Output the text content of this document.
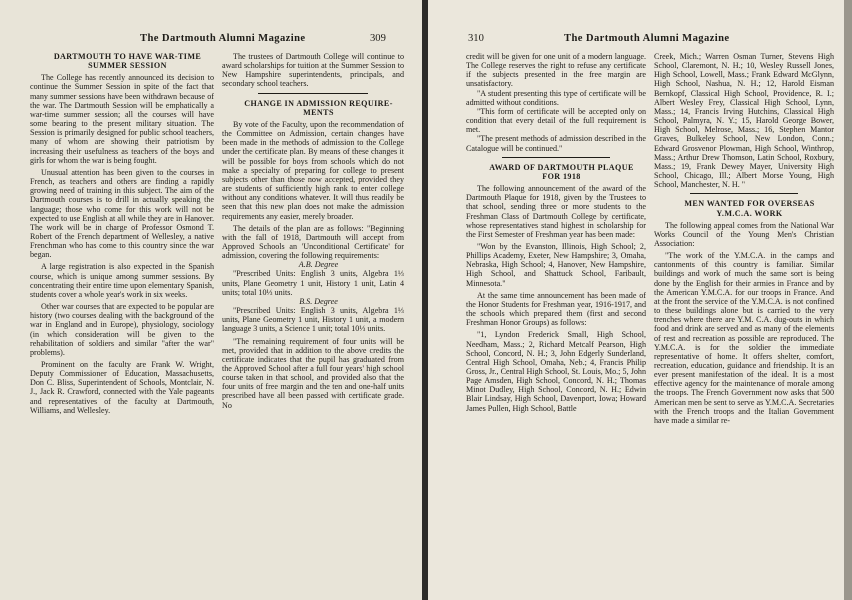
The Dartmouth Alumni Magazine	309

DARTMOUTH TO HAVE WAR-TIME

SUMMER SESSION

The College has recently announced its decision to continue the Summer Session in spite of the fact that many summer sessions have been withdrawn because of the war. The Dartmouth Session will be emphatically a war-time summer session; all the courses will have some bearing to the present military situation. The Session is primarily designed for public school teachers, many of whom are showing their patriotism by increasing their usefulness as teachers of the boys and girls for whom the war is being fought.

Unusual attention has been given to the courses in French, as teachers and others are finding a rapidly growing need of training in this subject. The aim of the Dartmouth courses is to drill in actually speaking the language; those who come for this work will not be expected to use English at all while they are in Hanover. The work will be in charge of Professor Osmond T. Robert of the French department of Wellesley, a native Frenchman who has come to this country since the war began.

A large registration is also expected in the Spanish course, which is unique among summer sessions. By concentrating their entire time upon elementary Spanish, students cover a whole year's work in six weeks.

Other war courses that are expected to be popular are history (two courses dealing with the background of the war in England and in Europe), physiology, sociology (in which consideration will be given to the rehabilitation of soldiers and similar "after the war" problems).

Prominent on the faculty are Frank W. Wright, Deputy Commissioner of Education, Massachusetts, Don C. Bliss, Superintendent of Schools, Montclair, N. J., Jack R. Crawford, connected with the Yale pageants and representatives of the faculty at Dartmouth, Williams, and Wellesley.

The trustees of Dartmouth College will continue to award scholarships for tuition at the Summer Session to New Hampshire superintendents, principals, and secondary school teachers.

CHANGE IN ADMISSION REQUIRE-

MENTS

By vote of the Faculty, upon the recommendation of the Committee on Admission, certain changes have been made in the methods of admission to the College under the certificate plan. By means of these changes it will be possible for boys from schools which do not make a specialty of preparing for college to present subjects other than those now accepted, provided they are students of sufficiently high rank to enter college without any conditions whatever. It will thus readily be seen that this new plan does not make the admission requirements any easier, merely broader.

The details of the plan are as follows: "Beginning with the fall of 1918, Dartmouth will accept from Approved Schools an 'Unconditional Certificate' for admission, covering the following requirements:

A.B. Degree

"Prescribed Units: English 3 units, Algebra 1⅓ units, Plane Geometry 1 unit, History 1 unit, Latin 4 units; total 10⅓ units.

B.S. Degree

"Prescribed Units: English 3 units, Algebra 1⅓ units, Plane Geometry 1 unit, History 1 unit, a modern language 3 units, a Science 1 unit; total 10⅓ units.

"The remaining requirement of four units will be met, provided that in addition to the above credits the certificate indicates that the pupil has graduated from the Approved School after a full four years' high school course taken in that school, and provided also that the four units of free margin and the ten and one-half units prescribed have all been passed with certificate grade. No

310	The Dartmouth Alumni Magazine

credit will be given for one unit of a modern language. The College reserves the right to refuse any certificate if the subjects presented in the free margin are unsatisfactory.

"A student presenting this type of certificate will be admitted without conditions.

"This form of certificate will be accepted only on condition that every detail of the full requirement is met.

"The present methods of admission described in the Catalogue will be continued."

AWARD OF DARTMOUTH PLAQUE

FOR 1918

The following announcement of the award of the Dartmouth Plaque for 1918, given by the Trustees to that school, sending three or more students to the Freshman Class of Dartmouth College by certificate, whose representatives stand highest in scholarship for the First Semester of Freshman year has been made:

"Won by the Evanston, Illinois, High School; 2, Phillips Academy, Exeter, New Hampshire; 3, Omaha, Nebraska, High School; 4, Hanover, New Hampshire, High School, and Shattuck School, Faribault, Minnesota."

At the same time announcement has been made of the Honor Students for Freshman year, 1916-1917, and the schools which prepared them (first and second Freshman Honor Groups) as follows:

"1, Lyndon Frederick Small, High School, Needham, Mass.; 2, Richard Metcalf Pearson, High School, Concord, N. H.; 3, John Edgerly Sunderland, Central High School, Omaha, Neb.; 4, Francis Philip Gross, Jr., Central High School, St. Louis, Mo.; 5, John Page Amsden, High School, Concord, N. H.; Thomas Minot Dudley, High School, Concord, N. H.; Edwin Blair Lindsay, High School, Davenport, Iowa; Howard James Pullen, High School, Battle

Creek, Mich.; Warren Osman Turner, Stevens High School, Claremont, N. H.; 10, Wesley Russell Jones, High School, Lowell, Mass.; Frank Edward McGlynn, High School, Nashua, N. H.; 12, Harold Eisman Bernkopf, Classical High School, Providence, R. I.; Albert Wesley Frey, Classical High School, Lynn, Mass.; 14, Francis Irving Hutchins, Classical High School, Palmyra, N. Y.; 15, Harold George Bower, High School, Melrose, Mass.; 16, Stephen Mantor Graves, Bulkeley School, New London, Conn.; Edward Grosvenor Plowman, High School, Winthrop, Mass.; Arthur Drew Thomson, Latin School, Roxbury, Mass.; 19, Frank Dewey Mayer, University High School, Chicago, Ill.; Albert Morse Young, High School, Manchester, N. H. "

MEN WANTED FOR OVERSEAS

Y.M.C.A. WORK

The following appeal comes from the National War Works Council of the Young Men's Christian Association:

"The work of the Y.M.C.A. in the camps and cantonments of this country is familiar. Similar buildings and work of much the same sort is being done by the English for their armies in France and by the American Y.M.C.A. for our troops in France. And at the front the service of the Y.M.C.A. is not confined to these buildings alone but is carried to the very trenches where there are Y.M. C.A. dug-outs in which food and drink are served and as many of the elements of rest and recreation as possible are reproduced. The Y.M.C.A. is for the soldier the immediate representative of home. It offers shelter, comfort, recreation, education, guidance and friendship. It is an ever present manifestation of the ideal. It is a most effective agency for the maintenance of morale among the troops. The French Government now asks that 500 American men be sent to serve as Y.M.C.A. Secretaries with the French troops and the Italian Government have made a similar re-
